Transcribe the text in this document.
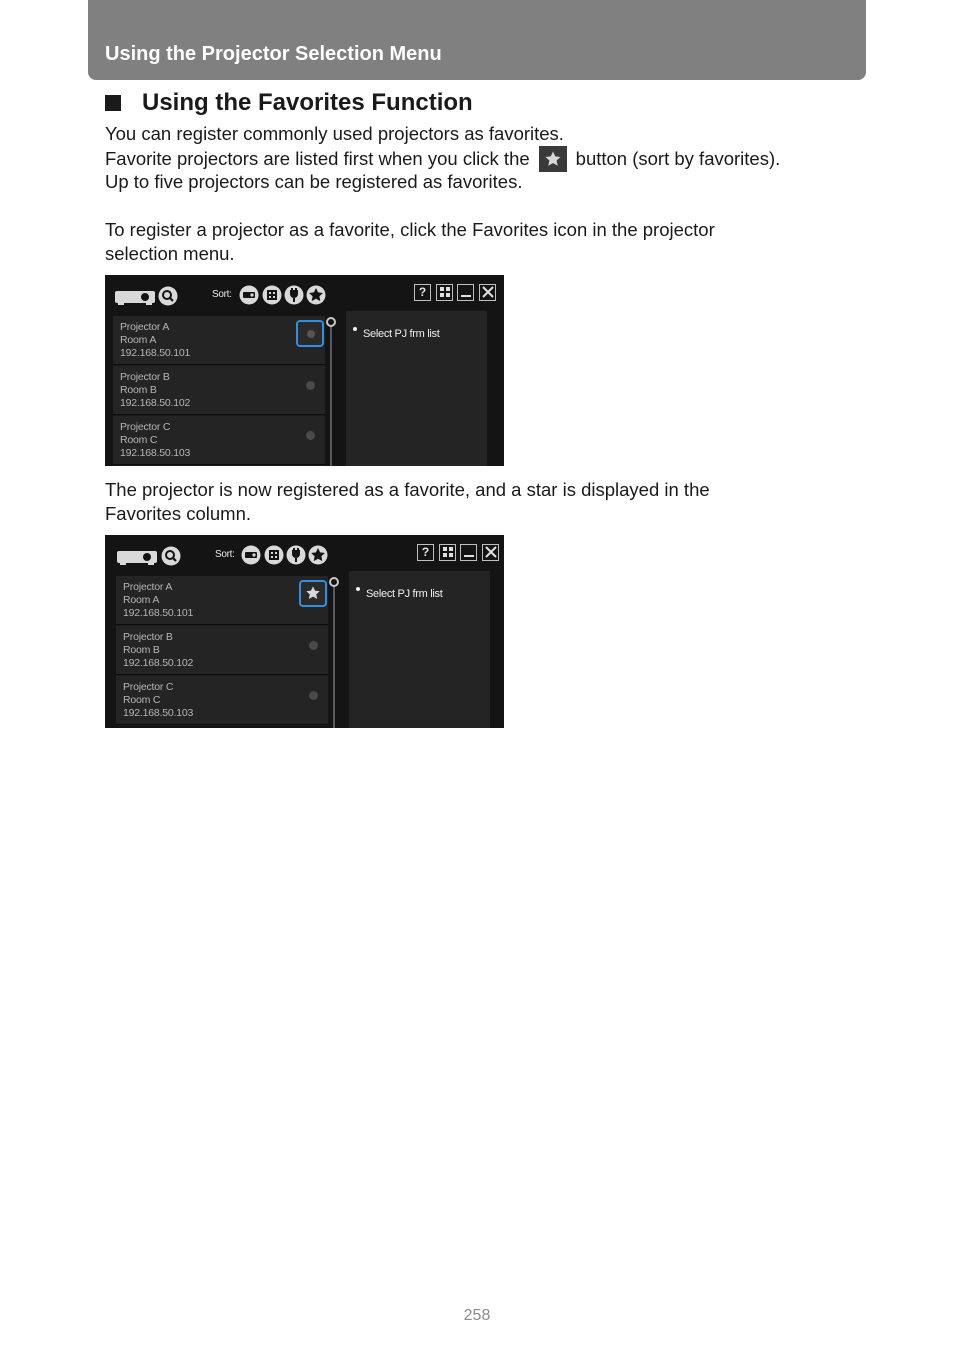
Using the Projector Selection Menu
Using the Favorites Function
You can register commonly used projectors as favorites.
Favorite projectors are listed first when you click the button (sort by favorites).
Up to five projectors can be registered as favorites.
To register a projector as a favorite, click the Favorites icon in the projector
selection menu.
Sort:	?
Projector A
Room A
192.168.50.101
Projector B
Room B
192.168.50.102
Projector C
Room C
192.168.50.103
Select PJ frm list
The projector is now registered as a favorite, and a star is displayed in the
Favorites column.
Sort:	?
Projector A
Room A
192.168.50.101
Projector B
Room B
192.168.50.102
Projector C
Room C
192.168.50.103
Select PJ frm list
258
